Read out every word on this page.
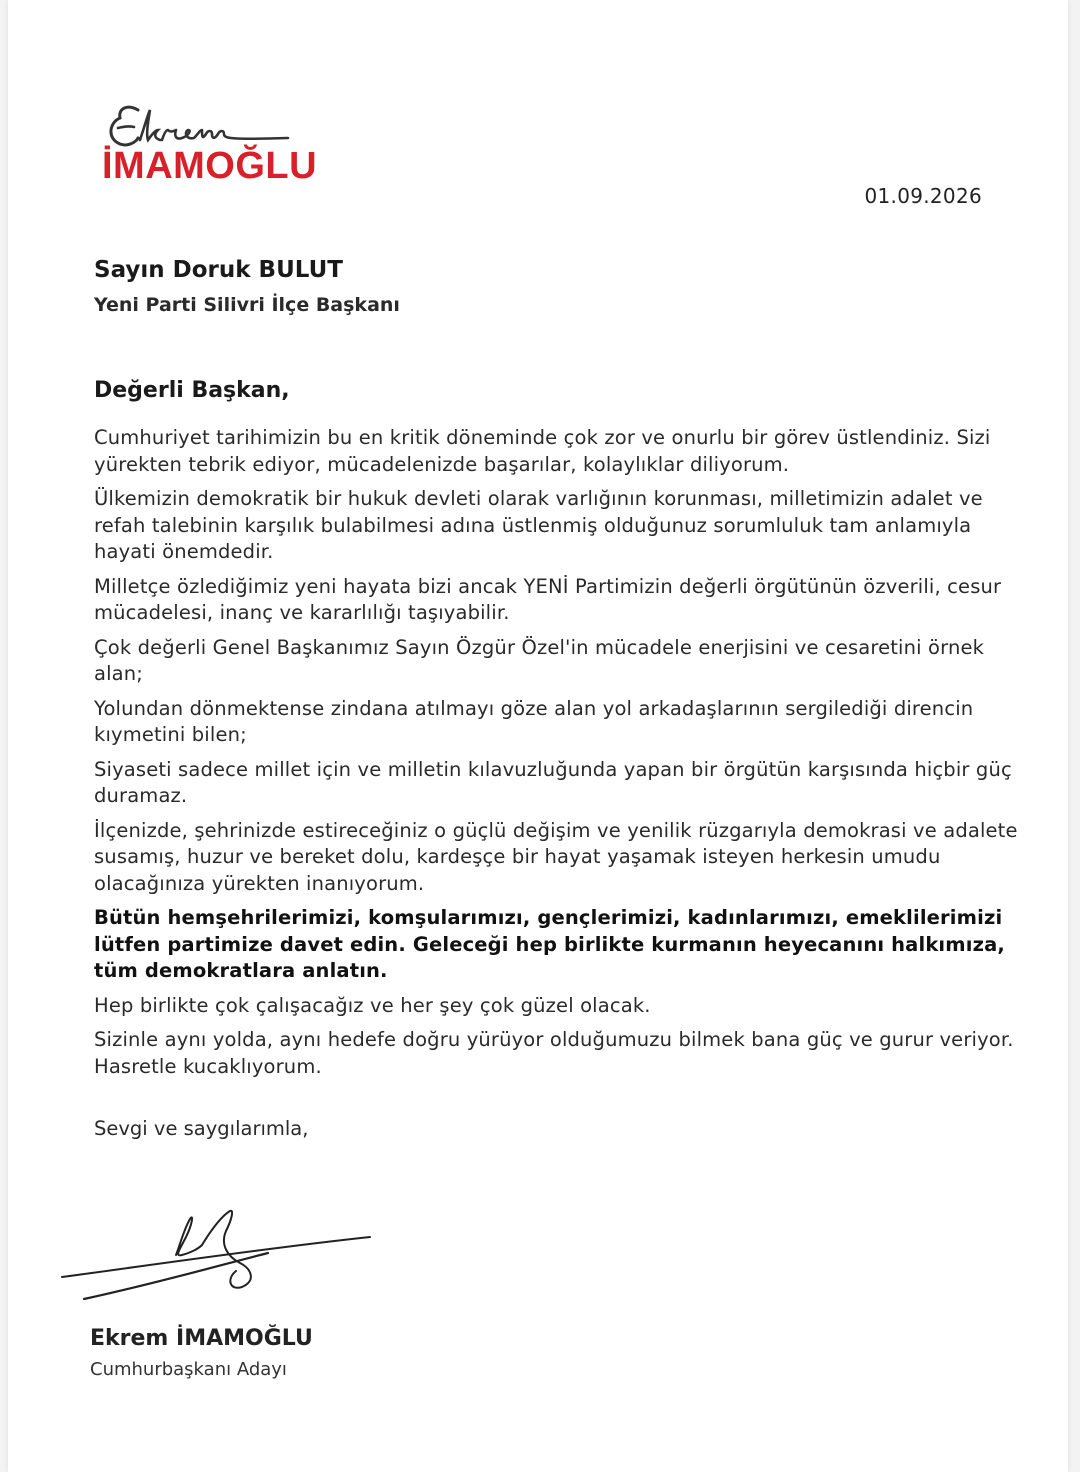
İMAMOĞLU
01.09.2026
Sayın Doruk BULUT
Yeni Parti Silivri İlçe Başkanı
Değerli Başkan,

Cumhuriyet tarihimizin bu en kritik döneminde çok zor ve onurlu bir görev üstlendiniz. Sizi yürekten tebrik ediyor, mücadelenizde başarılar, kolaylıklar diliyorum.

Ülkemizin demokratik bir hukuk devleti olarak varlığının korunması, milletimizin adalet ve refah talebinin karşılık bulabilmesi adına üstlenmiş olduğunuz sorumluluk tam anlamıyla hayati önemdedir.

Milletçe özlediğimiz yeni hayata bizi ancak YENİ Partimizin değerli örgütünün özverili, cesur mücadelesi, inanç ve kararlılığı taşıyabilir.

Çok değerli Genel Başkanımız Sayın Özgür Özel'in mücadele enerjisini ve cesaretini örnek alan;

Yolundan dönmektense zindana atılmayı göze alan yol arkadaşlarının sergilediği direncin kıymetini bilen;

Siyaseti sadece millet için ve milletin kılavuzluğunda yapan bir örgütün karşısında hiçbir güç duramaz.

İlçenizde, şehrinizde estireceğiniz o güçlü değişim ve yenilik rüzgarıyla demokrasi ve adalete susamış, huzur ve bereket dolu, kardeşçe bir hayat yaşamak isteyen herkesin umudu olacağınıza yürekten inanıyorum.

Bütün hemşehrilerimizi, komşularımızı, gençlerimizi, kadınlarımızı, emeklilerimizi lütfen partimize davet edin. Geleceği hep birlikte kurmanın heyecanını halkımıza, tüm demokratlara anlatın.

Hep birlikte çok çalışacağız ve her şey çok güzel olacak.

Sizinle aynı yolda, aynı hedefe doğru yürüyor olduğumuzu bilmek bana güç ve gurur veriyor. Hasretle kucaklıyorum.

Sevgi ve saygılarımla,
Ekrem İMAMOĞLU
Cumhurbaşkanı Adayı
